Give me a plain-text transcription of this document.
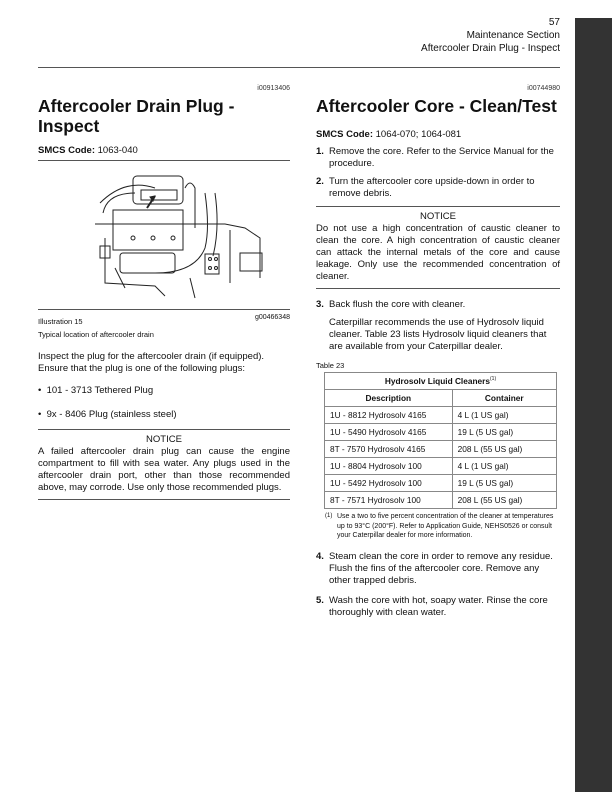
57
Maintenance Section
Aftercooler Drain Plug - Inspect
i00913406
Aftercooler Drain Plug - Inspect
SMCS Code: 1063-040
Illustration 15	g00466348
Typical location of aftercooler drain
Inspect the plug for the aftercooler drain (if equipped). Ensure that the plug is one of the following plugs:
•  101 - 3713 Tethered Plug
•  9x - 8406 Plug (stainless steel)
NOTICE
A failed aftercooler drain plug can cause the engine compartment to fill with sea water. Any plugs used in the aftercooler drain port, other than those recommended above, may corrode. Use only those recommended plugs.
i00744980
Aftercooler Core - Clean/Test
SMCS Code: 1064-070; 1064-081
1. Remove the core. Refer to the Service Manual for the procedure.
2. Turn the aftercooler core upside-down in order to remove debris.
NOTICE
Do not use a high concentration of caustic cleaner to clean the core. A high concentration of caustic cleaner can attack the internal metals of the core and cause leakage. Only use the recommended concentration of cleaner.
3. Back flush the core with cleaner.
Caterpillar recommends the use of Hydrosolv liquid cleaner. Table 23 lists Hydrosolv liquid cleaners that are available from your Caterpillar dealer.
Table 23
Hydrosolv Liquid Cleaners$^{(1)}$
Description	Container
1U - 8812 Hydrosolv 4165	4 L (1 US gal)
1U - 5490 Hydrosolv 4165	19 L (5 US gal)
8T - 7570 Hydrosolv 4165	208 L (55 US gal)
1U - 8804 Hydrosolv 100	4 L (1 US gal)
1U - 5492 Hydrosolv 100	19 L (5 US gal)
8T - 7571 Hydrosolv 100	208 L (55 US gal)
(1) Use a two to five percent concentration of the cleaner at temperatures up to 93°C (200°F). Refer to Application Guide, NEHS0526 or consult your Caterpillar dealer for more information.
4. Steam clean the core in order to remove any residue. Flush the fins of the aftercooler core. Remove any other trapped debris.
5. Wash the core with hot, soapy water. Rinse the core thoroughly with clean water.
